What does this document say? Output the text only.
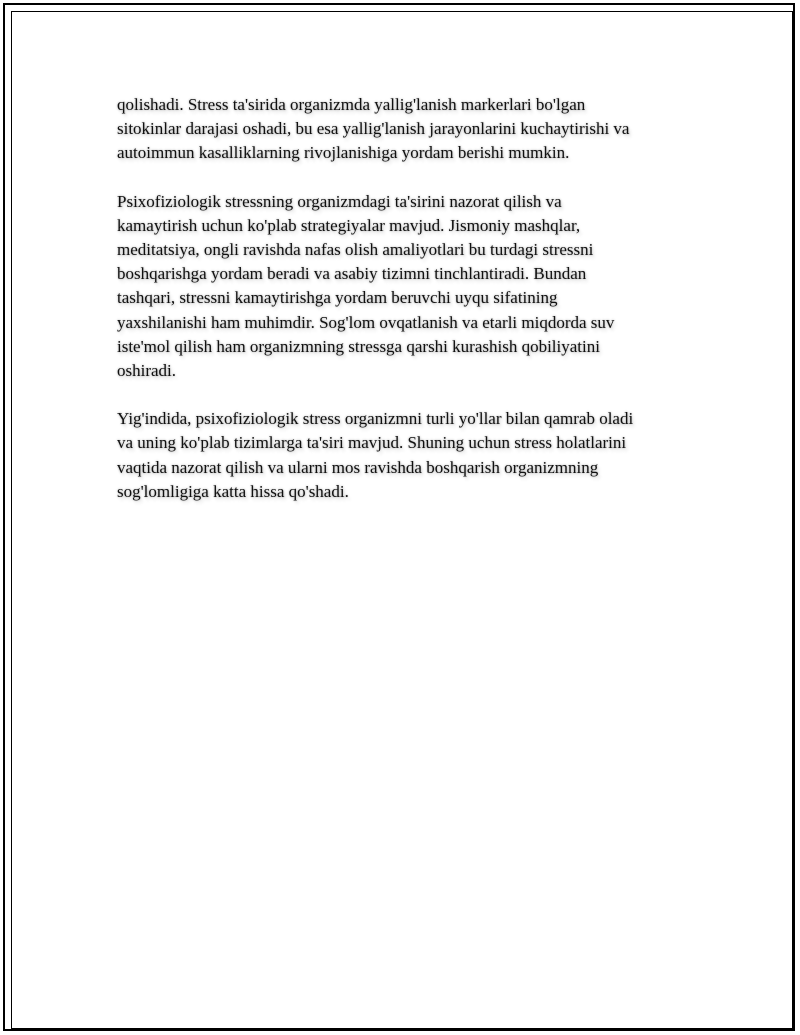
qolishadi. Stress ta'sirida organizmda yallig'lanish markerlari bo'lgan
sitokinlar darajasi oshadi, bu esa yallig'lanish jarayonlarini kuchaytirishi va
autoimmun kasalliklarning rivojlanishiga yordam berishi mumkin.

Psixofiziologik stressning organizmdagi ta'sirini nazorat qilish va
kamaytirish uchun ko'plab strategiyalar mavjud. Jismoniy mashqlar,
meditatsiya, ongli ravishda nafas olish amaliyotlari bu turdagi stressni
boshqarishga yordam beradi va asabiy tizimni tinchlantiradi. Bundan
tashqari, stressni kamaytirishga yordam beruvchi uyqu sifatining
yaxshilanishi ham muhimdir. Sog'lom ovqatlanish va etarli miqdorda suv
iste'mol qilish ham organizmning stressga qarshi kurashish qobiliyatini
oshiradi.

Yig'indida, psixofiziologik stress organizmni turli yo'llar bilan qamrab oladi
va uning ko'plab tizimlarga ta'siri mavjud. Shuning uchun stress holatlarini
vaqtida nazorat qilish va ularni mos ravishda boshqarish organizmning
sog'lomligiga katta hissa qo'shadi.
